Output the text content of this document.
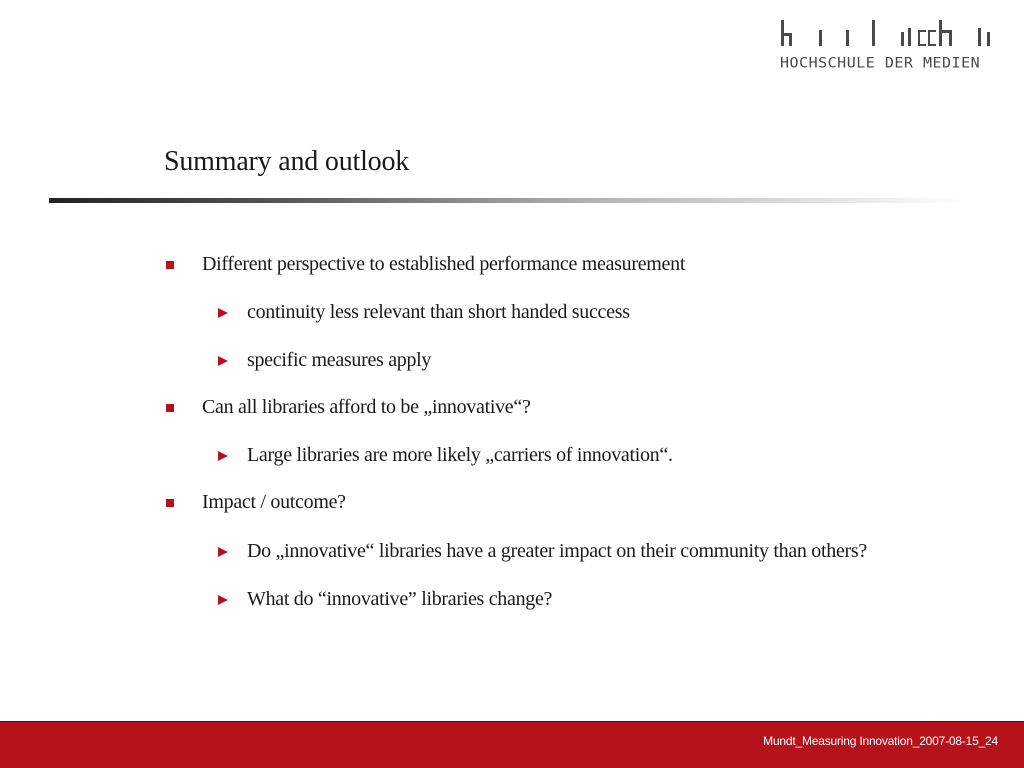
HOCHSCHULE DER MEDIEN
Summary and outlook
Different perspective to established performance measurement
continuity less relevant than short handed success
specific measures apply
Can all libraries afford to be „innovative“?
Large libraries are more likely „carriers of innovation“.
Impact / outcome?
Do „innovative“ libraries have a greater impact on their community than others?
What do “innovative” libraries change?
Mundt_Measuring Innovation_2007-08-15_24
